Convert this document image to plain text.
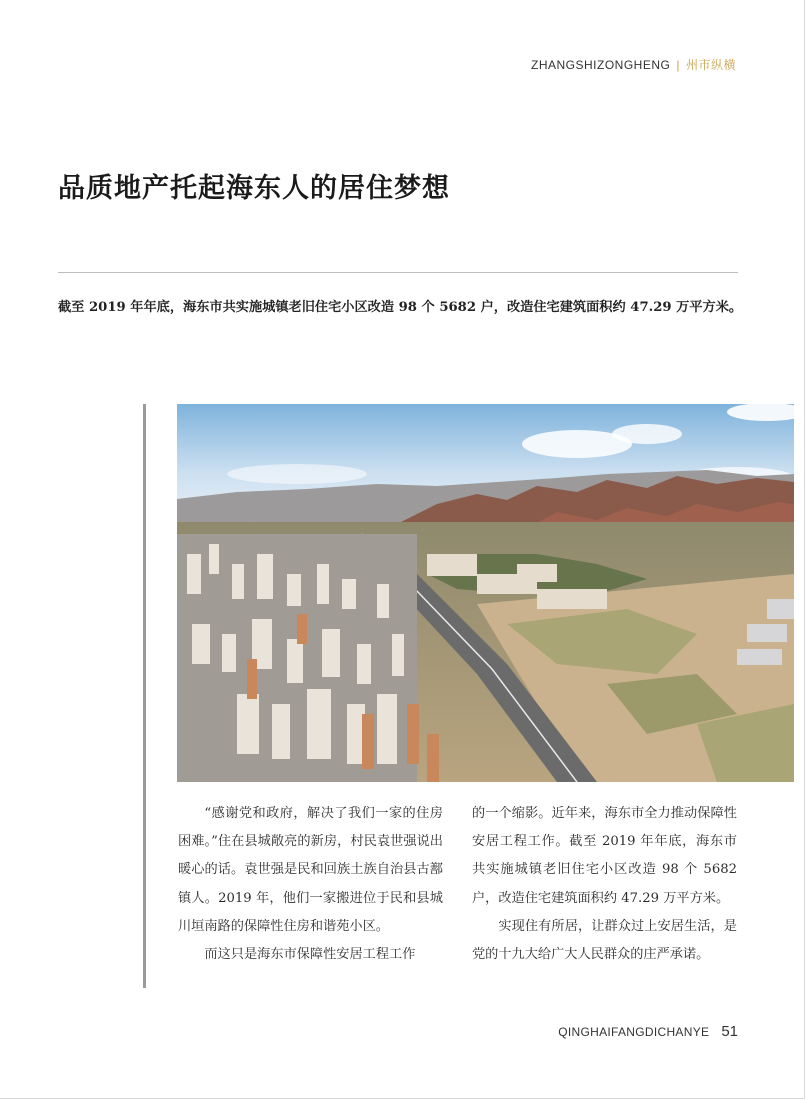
ZHANGSHIZONGHENG | 州市纵横
品质地产托起海东人的居住梦想
截至 2019 年年底，海东市共实施城镇老旧住宅小区改造 98 个 5682 户，改造住宅建筑面积约 47.29 万平方米。

“感谢党和政府，解决了我们一家的住房困难。”住在县城敞亮的新房，村民袁世强说出暖心的话。袁世强是民和回族土族自治县古鄯镇人。2019 年，他们一家搬进位于民和县城川垣南路的保障性住房和谐苑小区。

而这只是海东市保障性安居工程工作

的一个缩影。近年来，海东市全力推动保障性安居工程工作。截至 2019 年年底，海东市共实施城镇老旧住宅小区改造 98 个 5682 户，改造住宅建筑面积约 47.29 万平方米。

实现住有所居，让群众过上安居生活，是党的十九大给广大人民群众的庄严承诺。

QINGHAIFANGDICHANYE 51
